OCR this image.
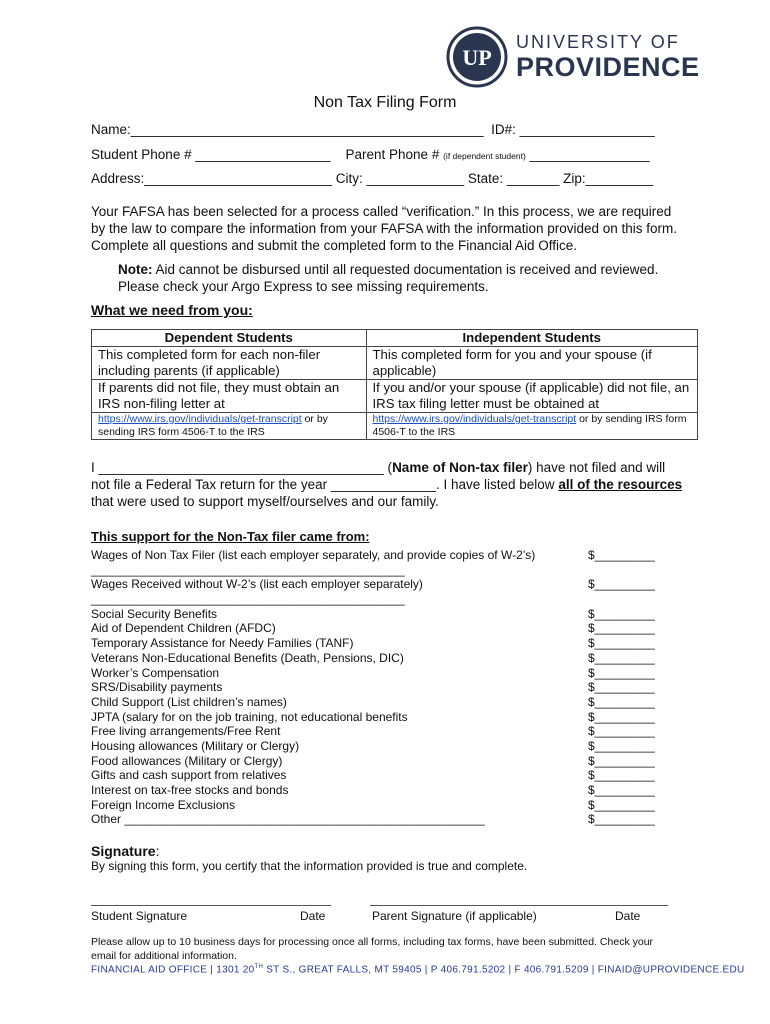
UP
UNIVERSITY OF
PROVIDENCE
Non Tax Filing Form
Name:_______________________________________________  ID#: __________________
Student Phone # __________________ Parent Phone # (if dependent student) ________________
Address:_________________________ City: _____________ State: _______ Zip:_________
Your FAFSA has been selected for a process called “verification.” In this process, we are required by the law to compare the information from your FAFSA with the information provided on this form. Complete all questions and submit the completed form to the Financial Aid Office.
Note: Aid cannot be disbursed until all requested documentation is received and reviewed. Please check your Argo Express to see missing requirements.
What we need from you:
Dependent Students	Independent Students
This completed form for each non-filer including parents (if applicable)	This completed form for you and your spouse (if applicable)
If parents did not file, they must obtain an IRS non-filing letter at	If you and/or your spouse (if applicable) did not file, an IRS tax filing letter must be obtained at
https://www.irs.gov/individuals/get-transcript or by sending IRS form 4506-T to the IRS	https://www.irs.gov/individuals/get-transcript or by sending IRS form 4506-T to the IRS
I ______________________________________ (Name of Non-tax filer) have not filed and will not file a Federal Tax return for the year ______________. I have listed below all of the resources that were used to support myself/ourselves and our family.
This support for the Non-Tax filer came from:
Wages of Non Tax Filer (list each employer separately, and provide copies of W-2’s)	$_________
_______________________________________________
Wages Received without W-2’s (list each employer separately)	$_________
_______________________________________________
Social Security Benefits	$_________
Aid of Dependent Children (AFDC)	$_________
Temporary Assistance for Needy Families (TANF)	$_________
Veterans Non-Educational Benefits (Death, Pensions, DIC)	$_________
Worker’s Compensation	$_________
SRS/Disability payments	$_________
Child Support (List children’s names)	$_________
JPTA (salary for on the job training, not educational benefits	$_________
Free living arrangements/Free Rent	$_________
Housing allowances (Military or Clergy)	$_________
Food allowances (Military or Clergy)	$_________
Gifts and cash support from relatives	$_________
Interest on tax-free stocks and bonds	$_________
Foreign Income Exclusions	$_________
Other ______________________________________________________	$_________
Signature:
By signing this form, you certify that the information provided is true and complete.
Student Signature	Date	Parent Signature (if applicable)	Date
Please allow up to 10 business days for processing once all forms, including tax forms, have been submitted. Check your email for additional information.
FINANCIAL AID OFFICE | 1301 20TH ST S., GREAT FALLS, MT 59405 | P 406.791.5202 | F 406.791.5209 | FINAID@UPROVIDENCE.EDU
